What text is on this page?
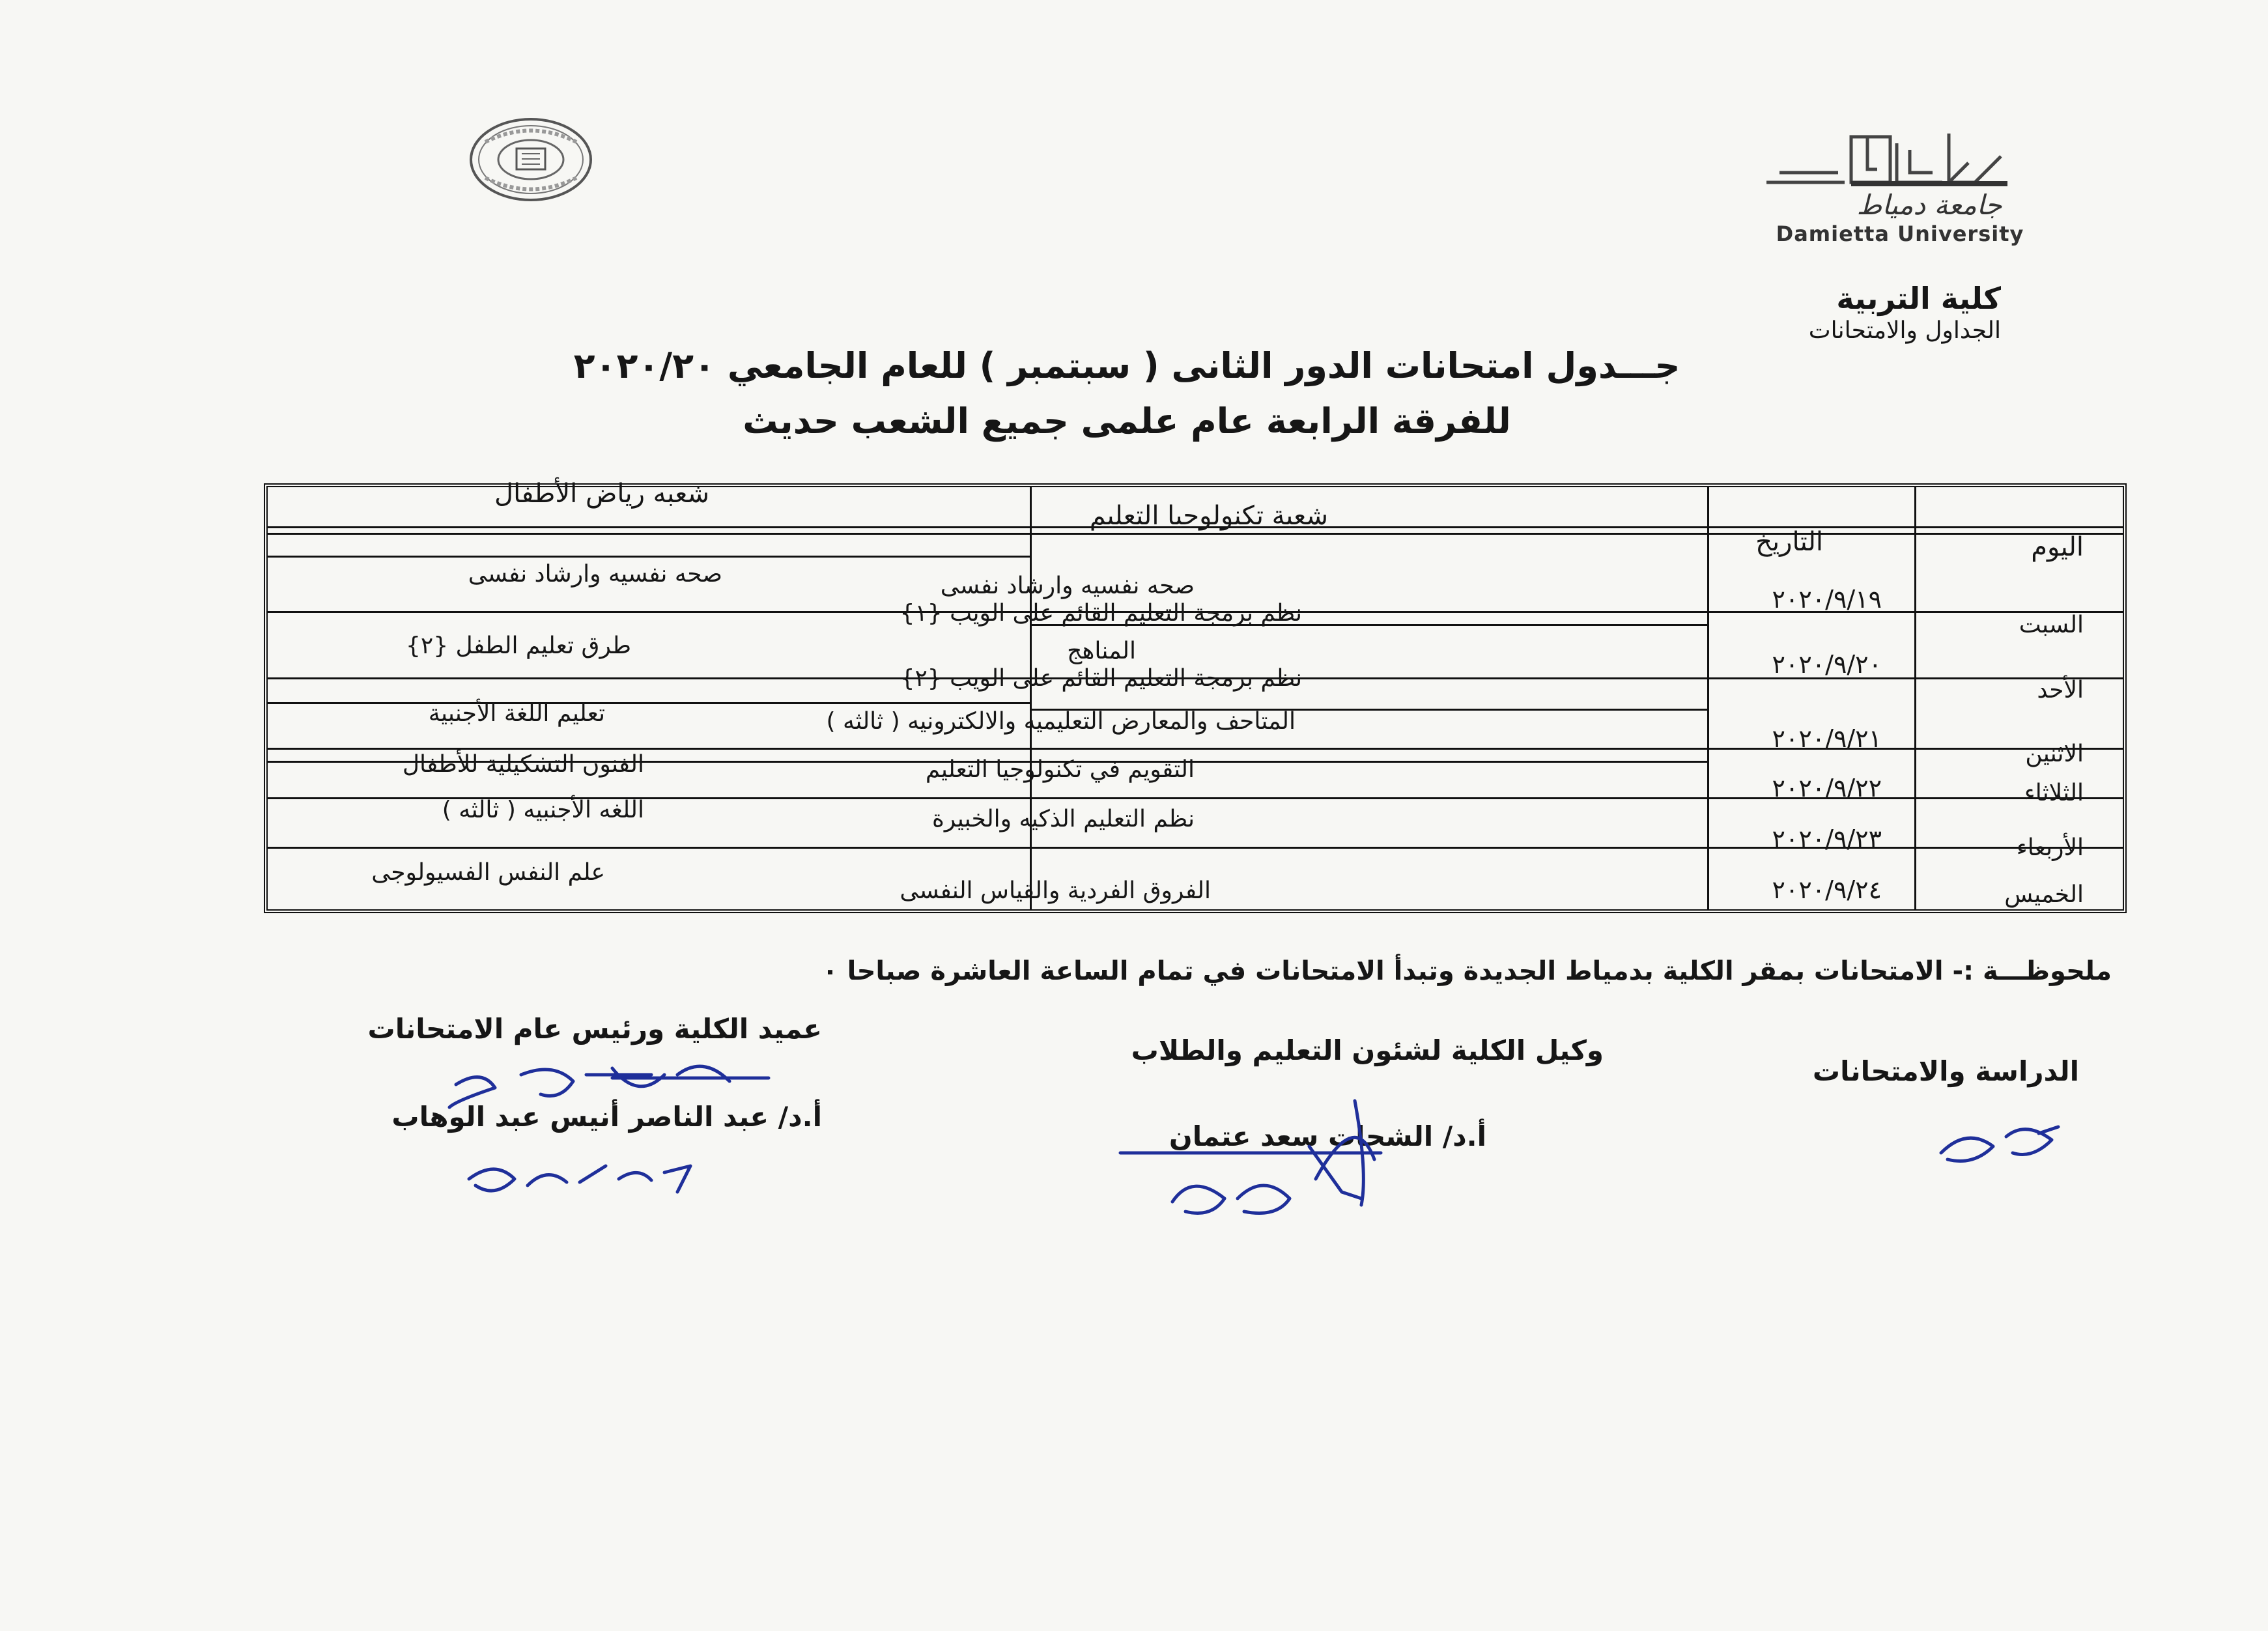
جامعة دمياط
Damietta University
كلية التربية
الجداول والامتحانات
جـــدول امتحانات الدور الثانى ( سبتمبر ) للعام الجامعي ٢٠٢٠/٢٠
للفرقة الرابعة عام علمى جميع الشعب حديث
اليوم
التاريخ
شعبة تكنولوجيا التعليم
شعبه رياض الأطفال
السبت
٢٠٢٠/٩/١٩
صحه نفسيه وارشاد نفسى
نظم برمجة التعليم القائم على الويب {١}
صحه نفسيه وارشاد نفسى
طرق تعليم الطفل {٢}
الأحد
٢٠٢٠/٩/٢٠
المناهج
نظم برمجة التعليم القائم على الويب {٢}
الاثنين
٢٠٢٠/٩/٢١
المتاحف والمعارض التعليميه والالكترونيه ( ثالثه )
تعليم اللغة الأجنبية
الثلاثاء
٢٠٢٠/٩/٢٢
التقويم في تكنولوجيا التعليم
الفنون التشكيلية للأطفال
الأربعاء
٢٠٢٠/٩/٢٣
نظم التعليم الذكيه والخبيرة
اللغه الأجنبيه ( ثالثه )
الخميس
٢٠٢٠/٩/٢٤
الفروق الفردية والقياس النفسى
علم النفس الفسيولوجى
ملحوظـــة :- الامتحانات بمقر الكلية بدمياط الجديدة وتبدأ الامتحانات في تمام الساعة العاشرة صباحا ٠
الدراسة والامتحانات
وكيل الكلية لشئون التعليم والطلاب
أ.د/ الشحات سعد عتمان
عميد الكلية ورئيس عام الامتحانات
أ.د/ عبد الناصر أنيس عبد الوهاب
